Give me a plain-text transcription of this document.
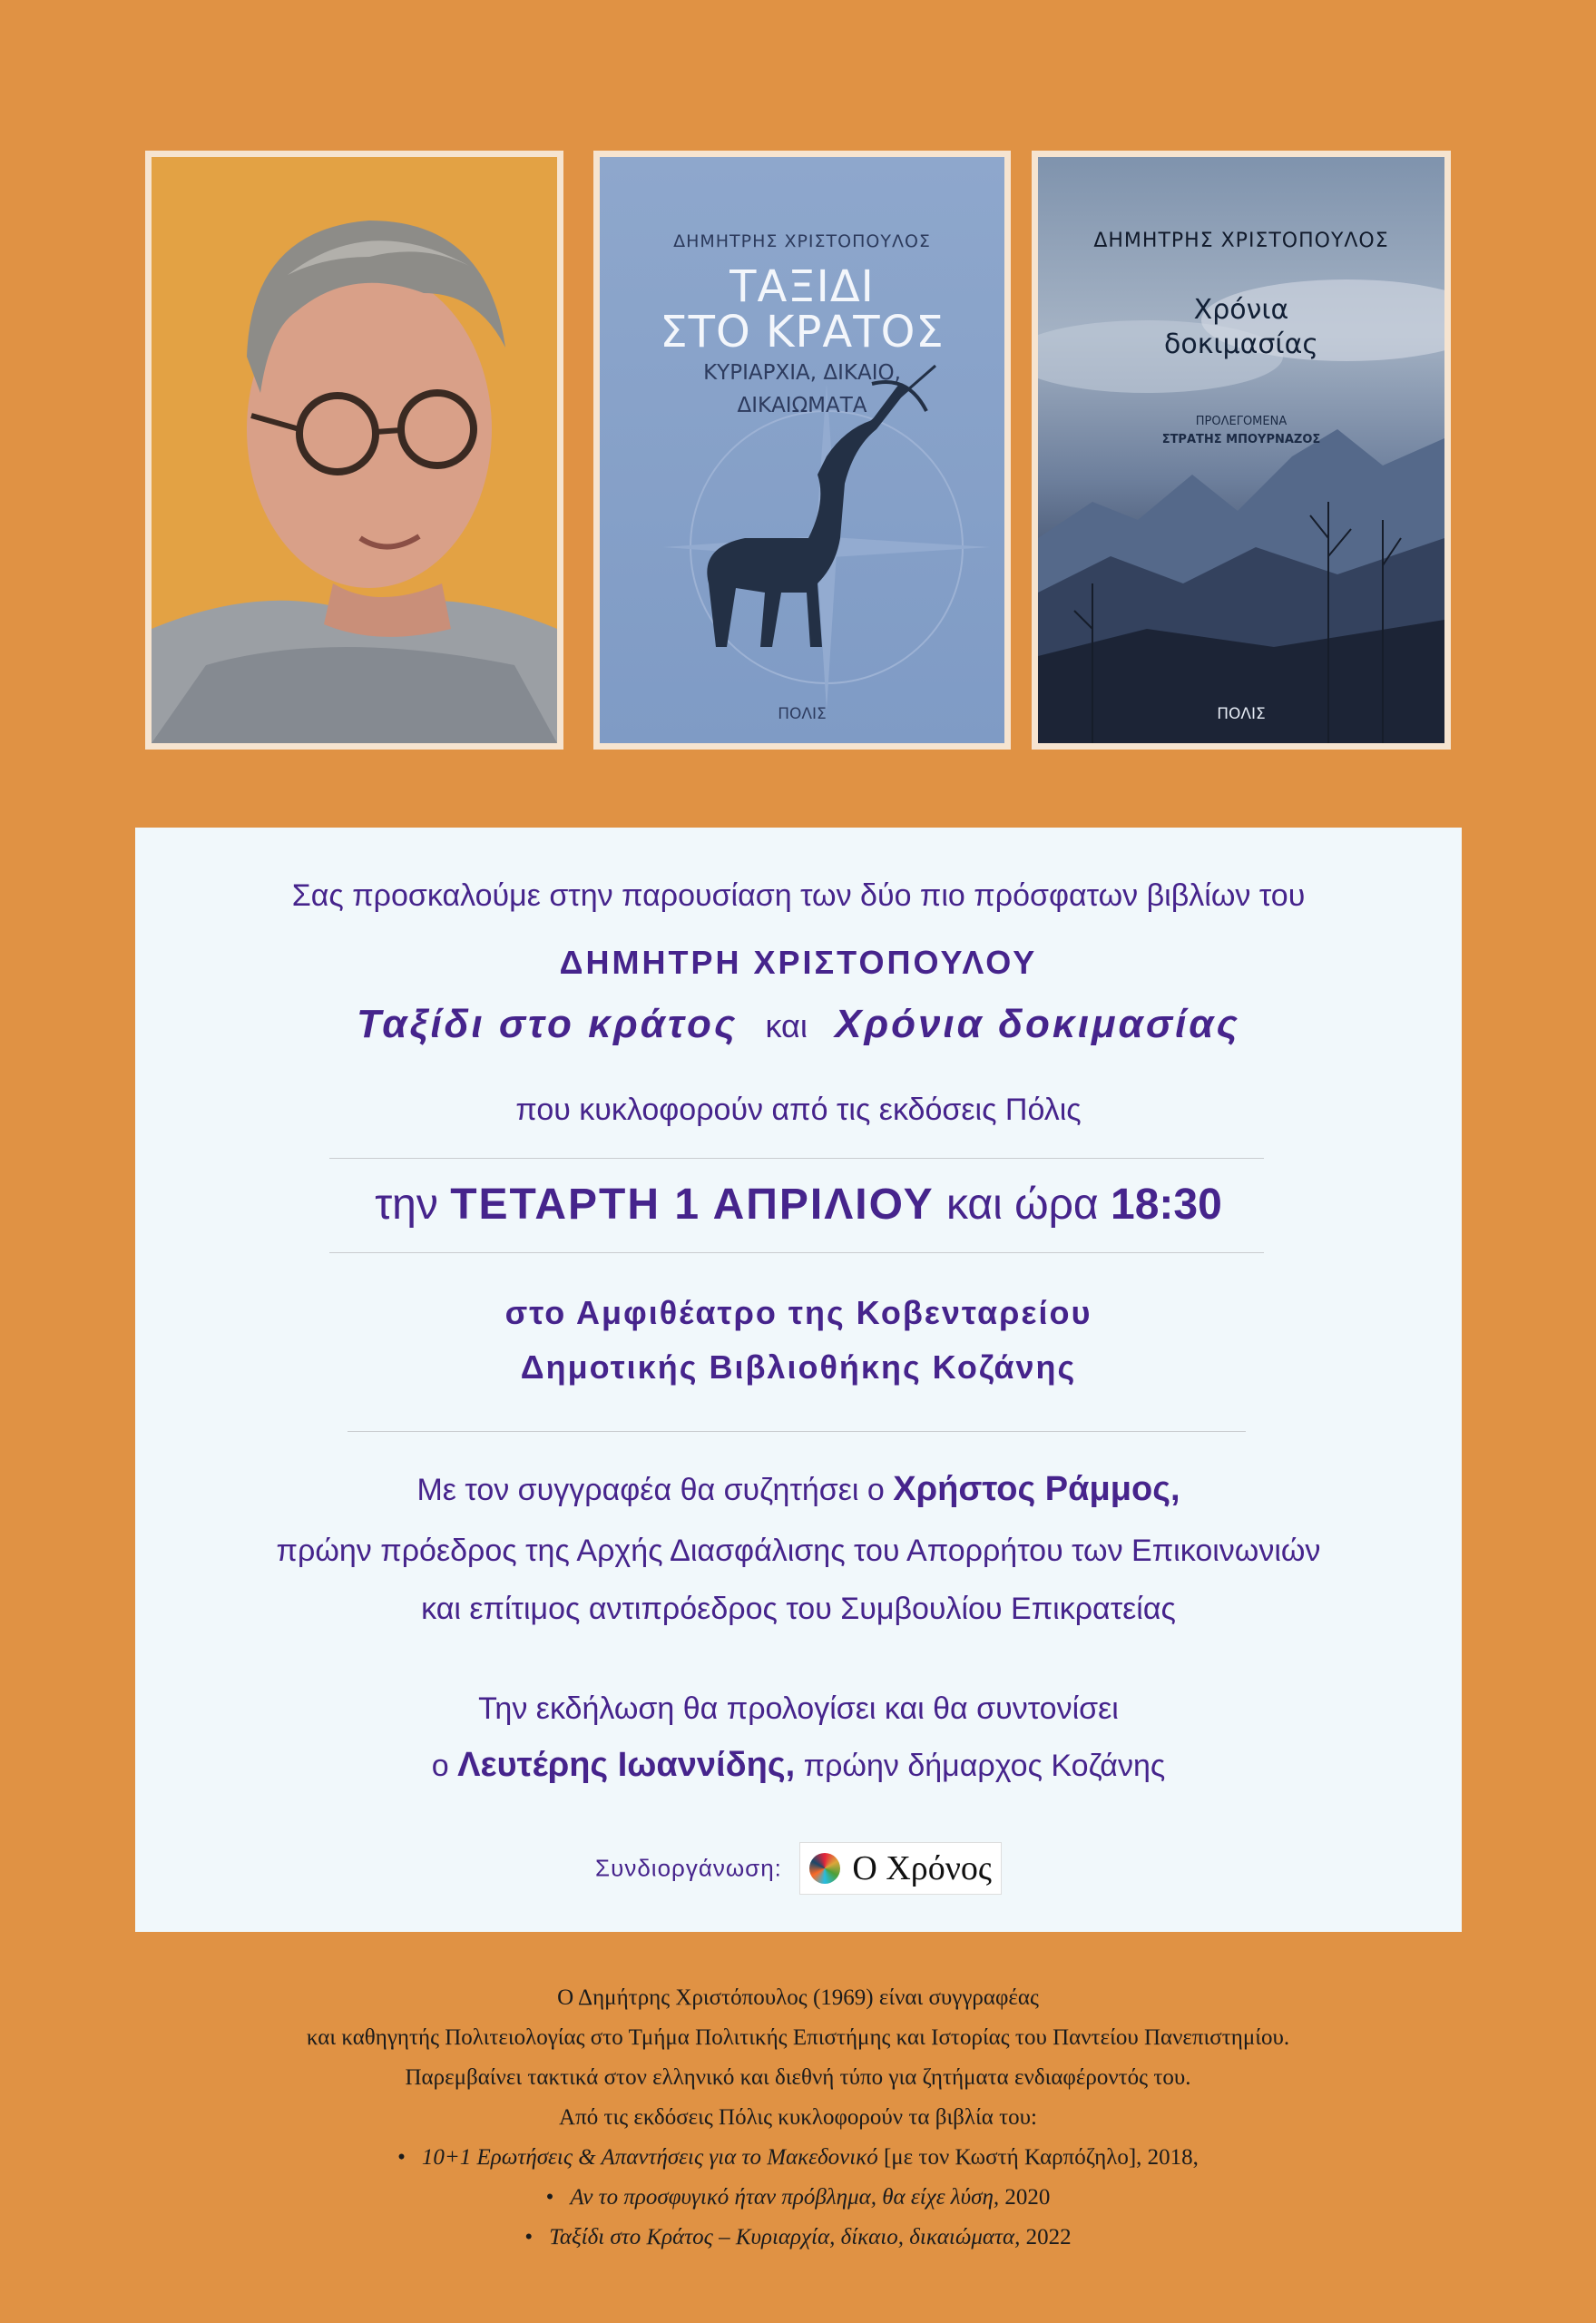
ΔΗΜΗΤΡΗΣ ΧΡΙΣΤΟΠΟΥΛΟΣ
ΤΑΞΙΔΙ
ΣΤΟ ΚΡΑΤΟΣ
ΚΥΡΙΑΡΧΙΑ, ΔΙΚΑΙΟ,
ΔΙΚΑΙΩΜΑΤΑ
ΠΟΛΙΣ
ΔΗΜΗΤΡΗΣ ΧΡΙΣΤΟΠΟΥΛΟΣ
Χρόνια
δοκιμασίας
ΠΡΟΛΕΓΟΜΕΝΑ
ΣΤΡΑΤΗΣ ΜΠΟΥΡΝΑΖΟΣ
ΠΟΛΙΣ
Σας προσκαλούμε στην παρουσίαση των δύο πιο πρόσφατων βιβλίων του
ΔΗΜΗΤΡΗ ΧΡΙΣΤΟΠΟΥΛΟΥ
Ταξίδι στο κράτος και Χρόνια δοκιμασίας
που κυκλοφορούν από τις εκδόσεις Πόλις
την ΤΕΤΑΡΤΗ 1 ΑΠΡΙΛΙΟΥ και ώρα 18:30
στο Αμφιθέατρο της Κοβενταρείου
Δημοτικής Βιβλιοθήκης Κοζάνης
Με τον συγγραφέα θα συζητήσει ο Χρήστος Ράμμος,
πρώην πρόεδρος της Αρχής Διασφάλισης του Απορρήτου των Επικοινωνιών
και επίτιμος αντιπρόεδρος του Συμβουλίου Επικρατείας
Την εκδήλωση θα προλογίσει και θα συντονίσει
ο Λευτέρης Ιωαννίδης, πρώην δήμαρχος Κοζάνης
Συνδιοργάνωση: Ο Χρόνος
Ο Δημήτρης Χριστόπουλος (1969) είναι συγγραφέας
και καθηγητής Πολιτειολογίας στο Τμήμα Πολιτικής Επιστήμης και Ιστορίας του Παντείου Πανεπιστημίου.
Παρεμβαίνει τακτικά στον ελληνικό και διεθνή τύπο για ζητήματα ενδιαφέροντός του.
Από τις εκδόσεις Πόλις κυκλοφορούν τα βιβλία του:
• 10+1 Ερωτήσεις & Απαντήσεις για το Μακεδονικό [με τον Κωστή Καρπόζηλο], 2018,
• Αν το προσφυγικό ήταν πρόβλημα, θα είχε λύση, 2020
• Ταξίδι στο Κράτος – Κυριαρχία, δίκαιο, δικαιώματα, 2022
